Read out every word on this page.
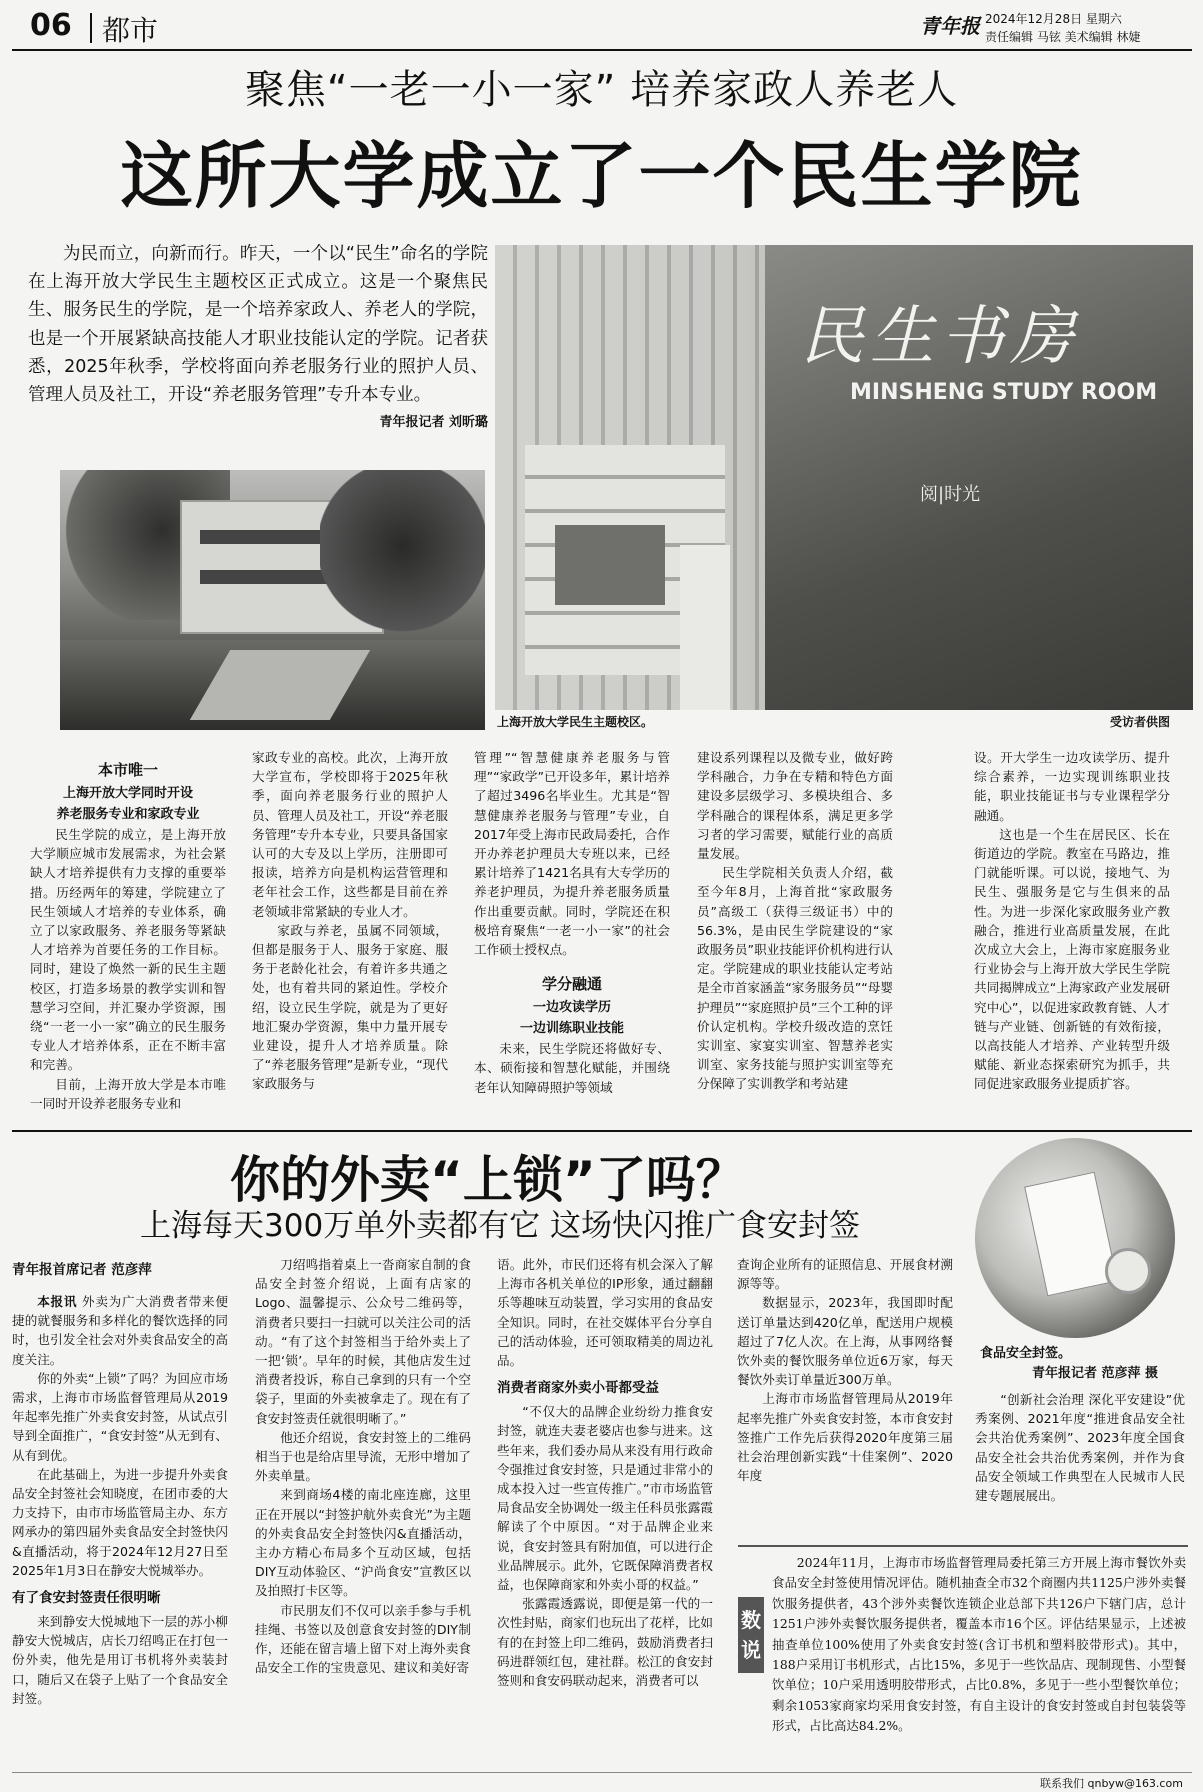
06 都市	青年报 2024年12月28日 星期六
责任编辑 马铉 美术编辑 林婕
聚焦“一老一小一家” 培养家政人养老人
这所大学成立了一个民生学院

为民而立，向新而行。昨天，一个以“民生”命名的学院在上海开放大学民生主题校区正式成立。这是一个聚焦民生、服务民生的学院，是一个培养家政人、养老人的学院，也是一个开展紧缺高技能人才职业技能认定的学院。记者获悉，2025年秋季，学校将面向养老服务行业的照护人员、管理人员及社工，开设“养老服务管理”专升本专业。

青年报记者 刘昕璐

民生书房
MINSHENG STUDY ROOM
阅|时光
上海开放大学民生主题校区。	受访者供图
本市唯一
上海开放大学同时开设
养老服务专业和家政专业

民生学院的成立，是上海开放大学顺应城市发展需求，为社会紧缺人才培养提供有力支撑的重要举措。历经两年的筹建，学院建立了民生领域人才培养的专业体系，确立了以家政服务、养老服务等紧缺人才培养为首要任务的工作目标。同时，建设了焕然一新的民生主题校区，打造多场景的教学实训和智慧学习空间，并汇聚办学资源，围绕“一老一小一家”确立的民生服务专业人才培养体系，正在不断丰富和完善。

目前，上海开放大学是本市唯一同时开设养老服务专业和

家政专业的高校。此次，上海开放大学宣布，学校即将于2025年秋季，面向养老服务行业的照护人员、管理人员及社工，开设“养老服务管理”专升本专业，只要具备国家认可的大专及以上学历，注册即可报读，培养方向是机构运营管理和老年社会工作，这些都是目前在养老领域非常紧缺的专业人才。

家政与养老，虽属不同领域，但都是服务于人、服务于家庭、服务于老龄化社会，有着许多共通之处，也有着共同的紧迫性。学校介绍，设立民生学院，就是为了更好地汇聚办学资源，集中力量开展专业建设，提升人才培养质量。除了“养老服务管理”是新专业，“现代家政服务与

管理”“智慧健康养老服务与管理”“家政学”已开设多年，累计培养了超过3496名毕业生。尤其是“智慧健康养老服务与管理”专业，自2017年受上海市民政局委托，合作开办养老护理员大专班以来，已经累计培养了1421名具有大专学历的养老护理员，为提升养老服务质量作出重要贡献。同时，学院还在积极培育聚焦“一老一小一家”的社会工作硕士授权点。

学分融通
一边攻读学历
一边训练职业技能

未来，民生学院还将做好专、本、硕衔接和智慧化赋能，并围绕老年认知障碍照护等领域

建设系列课程以及微专业，做好跨学科融合，力争在专精和特色方面建设多层级学习、多模块组合、多学科融合的课程体系，满足更多学习者的学习需要，赋能行业的高质量发展。

民生学院相关负责人介绍，截至今年8月，上海首批“家政服务员”高级工（获得三级证书）中的56.3%，是由民生学院建设的“家政服务员”职业技能评价机构进行认定。学院建成的职业技能认定考站是全市首家涵盖“家务服务员”“母婴护理员”“家庭照护员”三个工种的评价认定机构。学校升级改造的烹饪实训室、家宴实训室、智慧养老实训室、家务技能与照护实训室等充分保障了实训教学和考站建

设。开大学生一边攻读学历、提升综合素养，一边实现训练职业技能，职业技能证书与专业课程学分融通。

这也是一个生在居民区、长在街道边的学院。教室在马路边，推门就能听课。可以说，接地气、为民生、强服务是它与生俱来的品性。为进一步深化家政服务业产教融合，推进行业高质量发展，在此次成立大会上，上海市家庭服务业行业协会与上海开放大学民生学院共同揭牌成立“上海家政产业发展研究中心”，以促进家政教育链、人才链与产业链、创新链的有效衔接，以高技能人才培养、产业转型升级赋能、新业态探索研究为抓手，共同促进家政服务业提质扩容。

你的外卖“上锁”了吗？
上海每天300万单外卖都有它 这场快闪推广食安封签
食品安全封签。
青年报记者 范彦萍 摄
青年报首席记者 范彦萍

本报讯 外卖为广大消费者带来便捷的就餐服务和多样化的餐饮选择的同时，也引发全社会对外卖食品安全的高度关注。

你的外卖“上锁”了吗？为回应市场需求，上海市市场监督管理局从2019年起率先推广外卖食安封签，从试点引导到全面推广，“食安封签”从无到有、从有到优。

在此基础上，为进一步提升外卖食品安全封签社会知晓度，在团市委的大力支持下，由市市场监管局主办、东方网承办的第四届外卖食品安全封签快闪&直播活动，将于2024年12月27日至2025年1月3日在静安大悦城举办。

有了食安封签责任很明晰

来到静安大悦城地下一层的苏小柳静安大悦城店，店长刀绍鸣正在打包一份外卖，他先是用订书机将外卖装封口，随后又在袋子上贴了一个食品安全封签。

刀绍鸣指着桌上一沓商家自制的食品安全封签介绍说，上面有店家的Logo、温馨提示、公众号二维码等，消费者只要扫一扫就可以关注公司的活动。“有了这个封签相当于给外卖上了一把‘锁’。早年的时候，其他店发生过消费者投诉，称自己拿到的只有一个空袋子，里面的外卖被拿走了。现在有了食安封签责任就很明晰了。”

他还介绍说，食安封签上的二维码相当于也是给店里导流，无形中增加了外卖单量。

来到商场4楼的南北座连廊，这里正在开展以“封签护航外卖食光”为主题的外卖食品安全封签快闪&直播活动，主办方精心布局多个互动区域，包括DIY互动体验区、“沪尚食安”宣教区以及拍照打卡区等。

市民朋友们不仅可以亲手参与手机挂绳、书签以及创意食安封签的DIY制作，还能在留言墙上留下对上海外卖食品安全工作的宝贵意见、建议和美好寄

语。此外，市民们还将有机会深入了解上海市各机关单位的IP形象，通过翻翻乐等趣味互动装置，学习实用的食品安全知识。同时，在社交媒体平台分享自己的活动体验，还可领取精美的周边礼品。

消费者商家外卖小哥都受益

“不仅大的品牌企业纷纷力推食安封签，就连夫妻老婆店也参与进来。这些年来，我们委办局从来没有用行政命令强推过食安封签，只是通过非常小的成本投入过一些宣传推广。”市市场监管局食品安全协调处一级主任科员张露霞解读了个中原因。“对于品牌企业来说，食安封签具有附加值，可以进行企业品牌展示。此外，它既保障消费者权益，也保障商家和外卖小哥的权益。”

张露霞透露说，即便是第一代的一次性封贴，商家们也玩出了花样，比如有的在封签上印二维码，鼓励消费者扫码进群领红包，建社群。松江的食安封签则和食安码联动起来，消费者可以

查询企业所有的证照信息、开展食材溯源等等。

数据显示，2023年，我国即时配送订单量达到420亿单，配送用户规模超过了7亿人次。在上海，从事网络餐饮外卖的餐饮服务单位近6万家，每天餐饮外卖订单量近300万单。

上海市市场监督管理局从2019年起率先推广外卖食安封签，本市食安封签推广工作先后获得2020年度第三届社会治理创新实践“十佳案例”、2020年度

“创新社会治理 深化平安建设”优秀案例、2021年度“推进食品安全社会共治优秀案例”、2023年度全国食品安全社会共治优秀案例，并作为食品安全领域工作典型在人民城市人民建专题展展出。

数说
2024年11月，上海市市场监督管理局委托第三方开展上海市餐饮外卖食品安全封签使用情况评估。随机抽查全市32个商圈内共1125户涉外卖餐饮服务提供者，43个涉外卖餐饮连锁企业总部下共126户下辖门店，总计1251户涉外卖餐饮服务提供者，覆盖本市16个区。评估结果显示，上述被抽查单位100%使用了外卖食安封签(含订书机和塑料胶带形式)。其中，188户采用订书机形式，占比15%，多见于一些饮品店、现制现售、小型餐饮单位；10户采用透明胶带形式，占比0.8%，多见于一些小型餐饮单位；剩余1053家商家均采用食安封签，有自主设计的食安封签或自封包装袋等形式，占比高达84.2%。
联系我们 qnbyw@163.com
